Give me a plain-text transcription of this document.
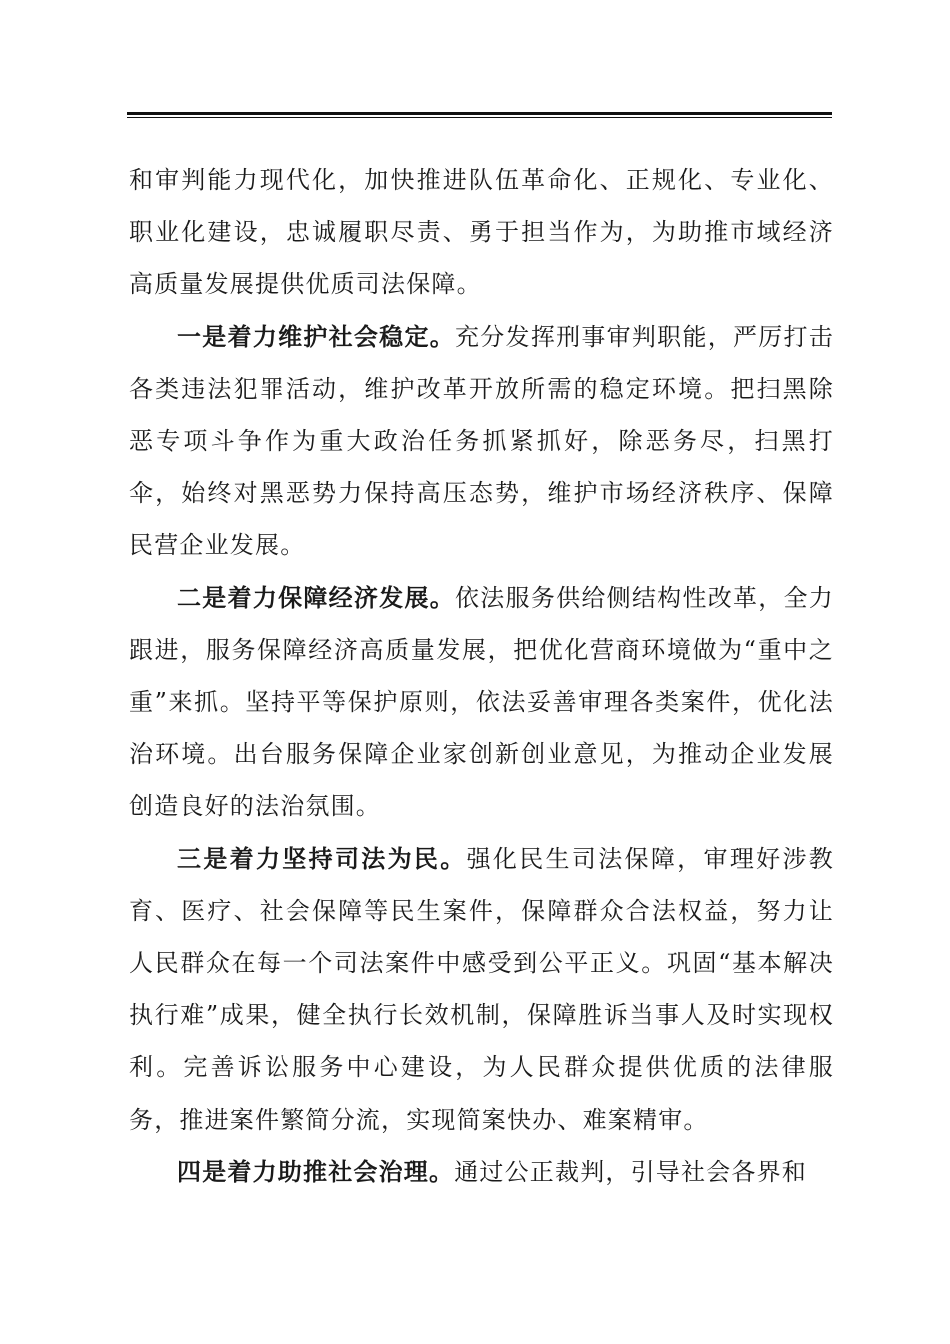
和审判能力现代化，加快推进队伍革命化、正规化、专业化、职业化建设，忠诚履职尽责、勇于担当作为，为助推市域经济高质量发展提供优质司法保障。

一是着力维护社会稳定。充分发挥刑事审判职能，严厉打击各类违法犯罪活动，维护改革开放所需的稳定环境。把扫黑除恶专项斗争作为重大政治任务抓紧抓好，除恶务尽，扫黑打伞，始终对黑恶势力保持高压态势，维护市场经济秩序、保障民营企业发展。

二是着力保障经济发展。依法服务供给侧结构性改革，全力跟进，服务保障经济高质量发展，把优化营商环境做为“重中之重”来抓。坚持平等保护原则，依法妥善审理各类案件，优化法治环境。出台服务保障企业家创新创业意见，为推动企业发展创造良好的法治氛围。

三是着力坚持司法为民。强化民生司法保障，审理好涉教育、医疗、社会保障等民生案件，保障群众合法权益，努力让人民群众在每一个司法案件中感受到公平正义。巩固“基本解决执行难”成果，健全执行长效机制，保障胜诉当事人及时实现权利。完善诉讼服务中心建设，为人民群众提供优质的法律服务，推进案件繁简分流，实现简案快办、难案精审。

四是着力助推社会治理。通过公正裁判，引导社会各界和
